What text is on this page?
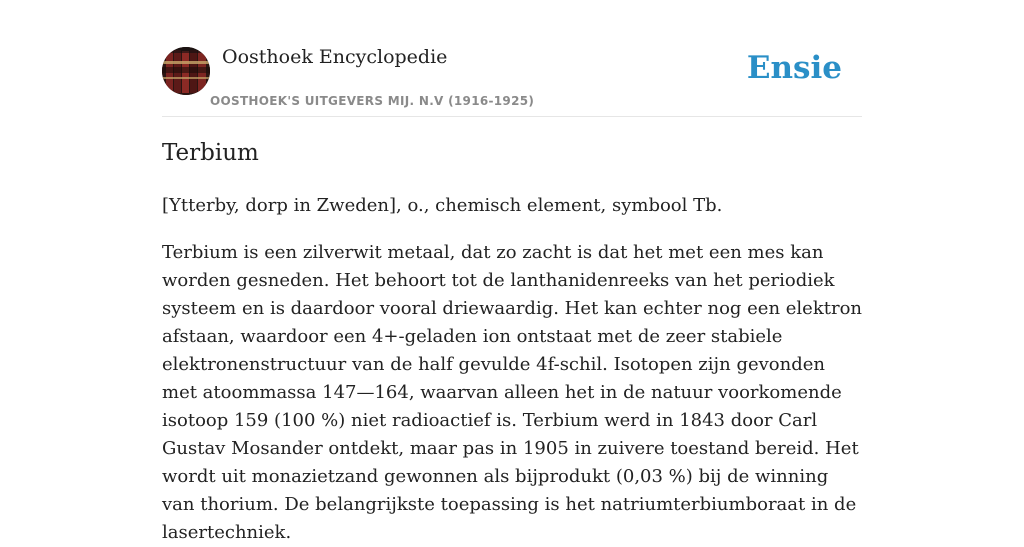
Oosthoek Encyclopedie
OOSTHOEK'S UITGEVERS MIJ. N.V (1916-1925)
Ensie
Terbium

[Ytterby, dorp in Zweden], o., chemisch element, symbool Tb.

Terbium is een zilverwit metaal, dat zo zacht is dat het met een mes kan worden gesneden. Het behoort tot de lanthanidenreeks van het periodiek systeem en is daardoor vooral driewaardig. Het kan echter nog een elektron afstaan, waardoor een 4+-geladen ion ontstaat met de zeer stabiele elektronenstructuur van de half gevulde 4f-schil. Isotopen zijn gevonden met atoommassa 147—164, waarvan alleen het in de natuur voorkomende isotoop 159 (100 %) niet radioactief is. Terbium werd in 1843 door Carl Gustav Mosander ontdekt, maar pas in 1905 in zuivere toestand bereid. Het wordt uit monazietzand gewonnen als bijprodukt (0,03 %) bij de winning van thorium. De belangrijkste toepassing is het natriumterbiumboraat in de lasertechniek.
